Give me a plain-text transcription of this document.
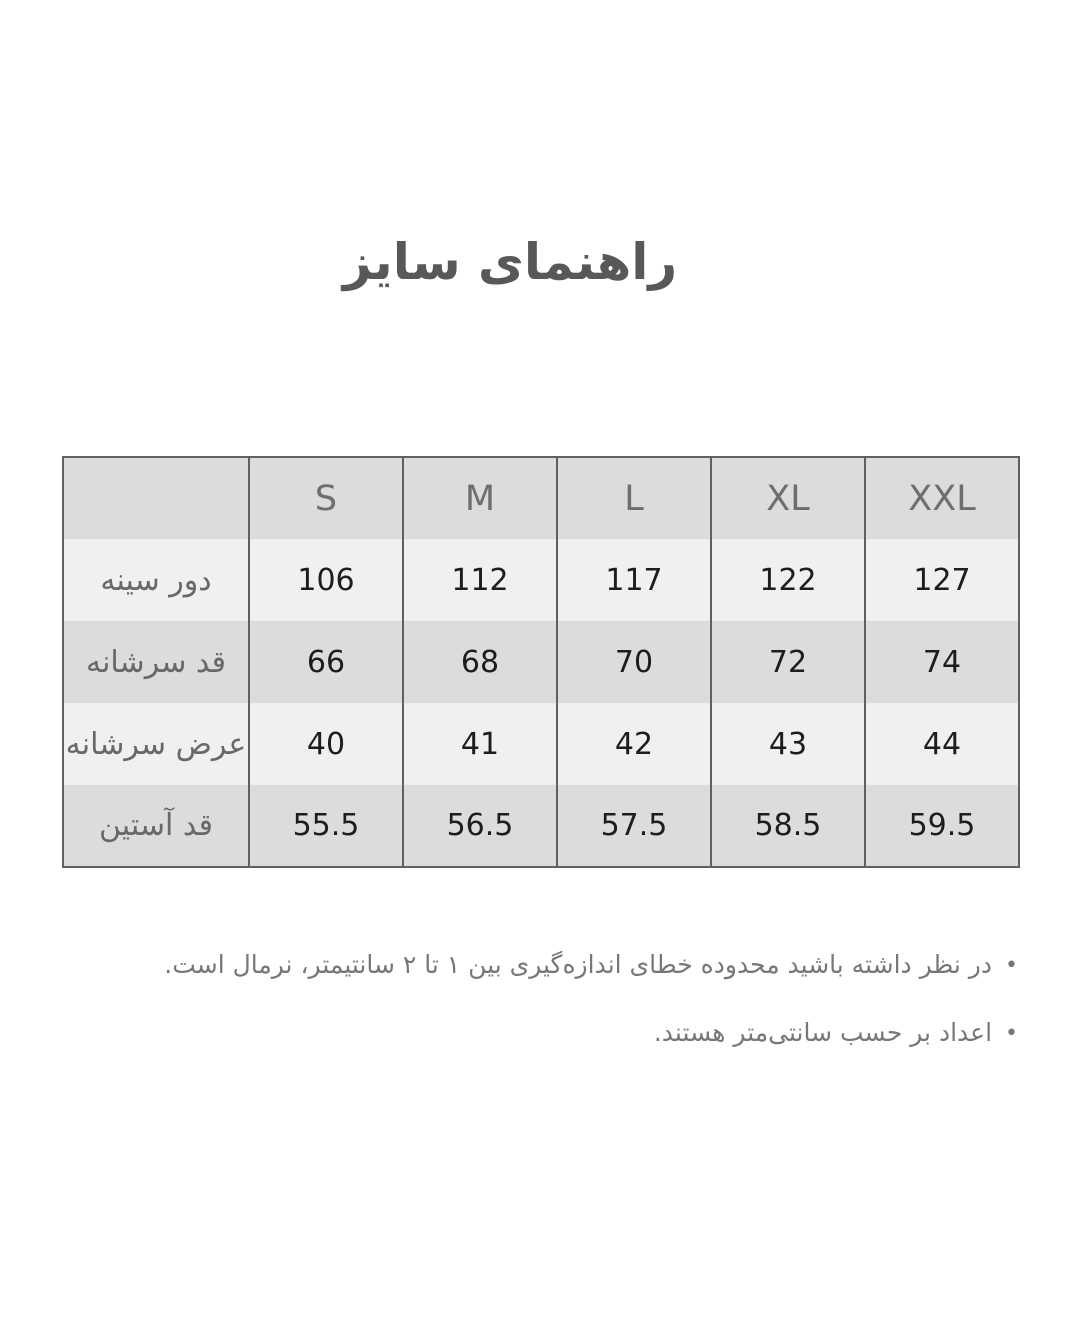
راهنمای سایز
	S	M	L	XL	XXL
دور سینه	106	112	117	122	127
قد سرشانه	66	68	70	72	74
عرض سرشانه	40	41	42	43	44
قد آستین	55.5	56.5	57.5	58.5	59.5
•در نظر داشته باشید محدوده خطای اندازه‌گیری بین ۱ تا ۲ سانتیمتر، نرمال است.
•اعداد بر حسب سانتی‌متر هستند.
